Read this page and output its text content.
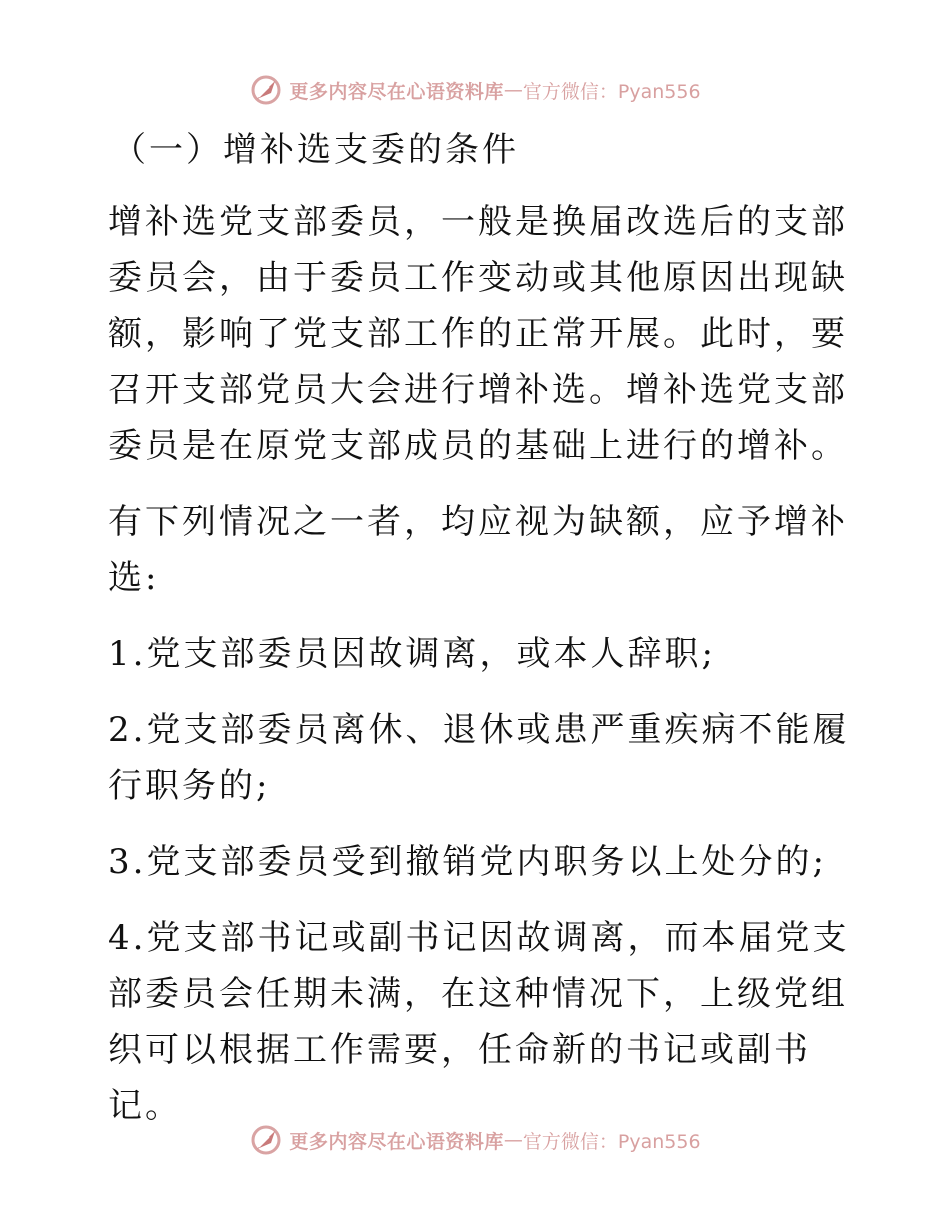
更多内容尽在心语资料库 — 官方微信：Pyan556

（一）增补选支委的条件

增补选党支部委员，一般是换届改选后的支部委员会，由于委员工作变动或其他原因出现缺额，影响了党支部工作的正常开展。此时，要召开支部党员大会进行增补选。增补选党支部委员是在原党支部成员的基础上进行的增补。

有下列情况之一者，均应视为缺额，应予增补选:

1.党支部委员因故调离，或本人辞职;

2.党支部委员离休、退休或患严重疾病不能履行职务的;

3.党支部委员受到撤销党内职务以上处分的;

4.党支部书记或副书记因故调离，而本届党支部委员会任期未满，在这种情况下，上级党组织可以根据工作需要，任命新的书记或副书记。

更多内容尽在心语资料库 — 官方微信：Pyan556
